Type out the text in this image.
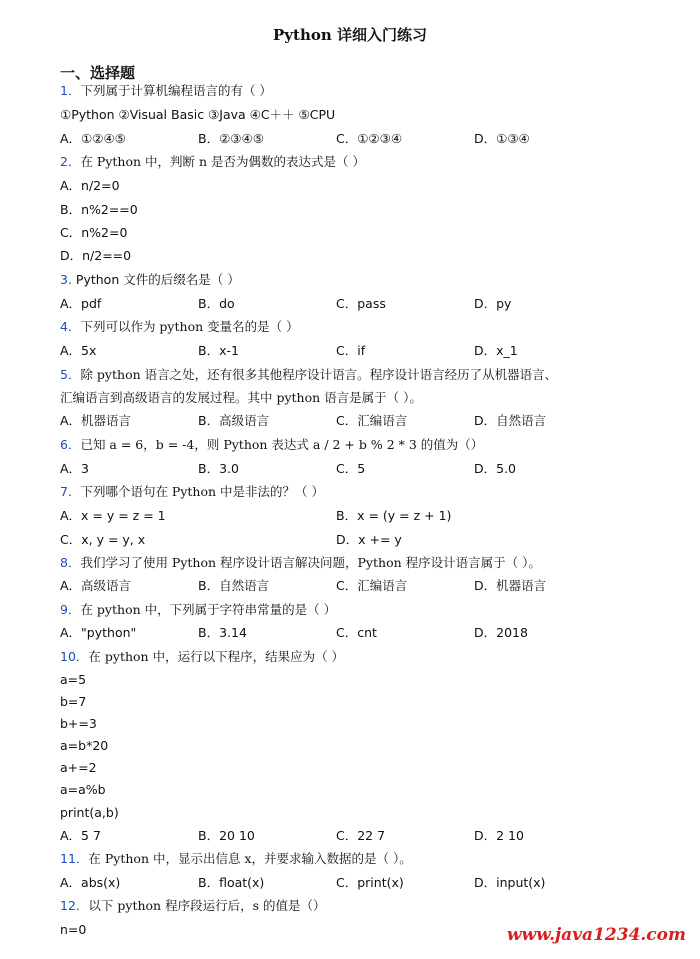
Python 详细入门练习
一、选择题
1．下列属于计算机编程语言的有（ ）
①Python ②Visual Basic ③Java ④C＋＋ ⑤CPU
A．①②④⑤	B．②③④⑤	C．①②③④	D．①③④
2．在 Python 中，判断 n 是否为偶数的表达式是（ ）
A．n/2=0
B．n%2==0
C．n%2=0
D．n/2==0
3. Python 文件的后缀名是（ ）
A．pdf	B．do	C．pass	D．py
4．下列可以作为 python 变量名的是（ ）
A．5x	B．x-1	C．if	D．x_1
5．除 python 语言之处，还有很多其他程序设计语言。程序设计语言经历了从机器语言、
汇编语言到高级语言的发展过程。其中 python 语言是属于（ ）。
A．机器语言	B．高级语言	C．汇编语言	D．自然语言
6．已知 a = 6，b = -4，则 Python 表达式 a / 2 + b % 2 * 3 的值为（）
A．3	B．3.0	C．5	D．5.0
7．下列哪个语句在 Python 中是非法的？（ ）
A．x = y = z = 1	B．x = (y = z + 1)
C．x, y = y, x	D．x += y
8．我们学习了使用 Python 程序设计语言解决问题，Python 程序设计语言属于（ ）。
A．高级语言	B．自然语言	C．汇编语言	D．机器语言
9．在 python 中，下列属于字符串常量的是（ ）
A．"python"	B．3.14	C．cnt	D．2018
10．在 python 中，运行以下程序，结果应为（ ）
a=5
b=7
b+=3
a=b*20
a+=2
a=a%b
print(a,b)
A．5 7	B．20 10	C．22 7	D．2 10
11．在 Python 中，显示出信息 x，并要求输入数据的是（ ）。
A．abs(x)	B．float(x)	C．print(x)	D．input(x)
12．以下 python 程序段运行后，s 的值是（）
n=0	www.java1234.com
